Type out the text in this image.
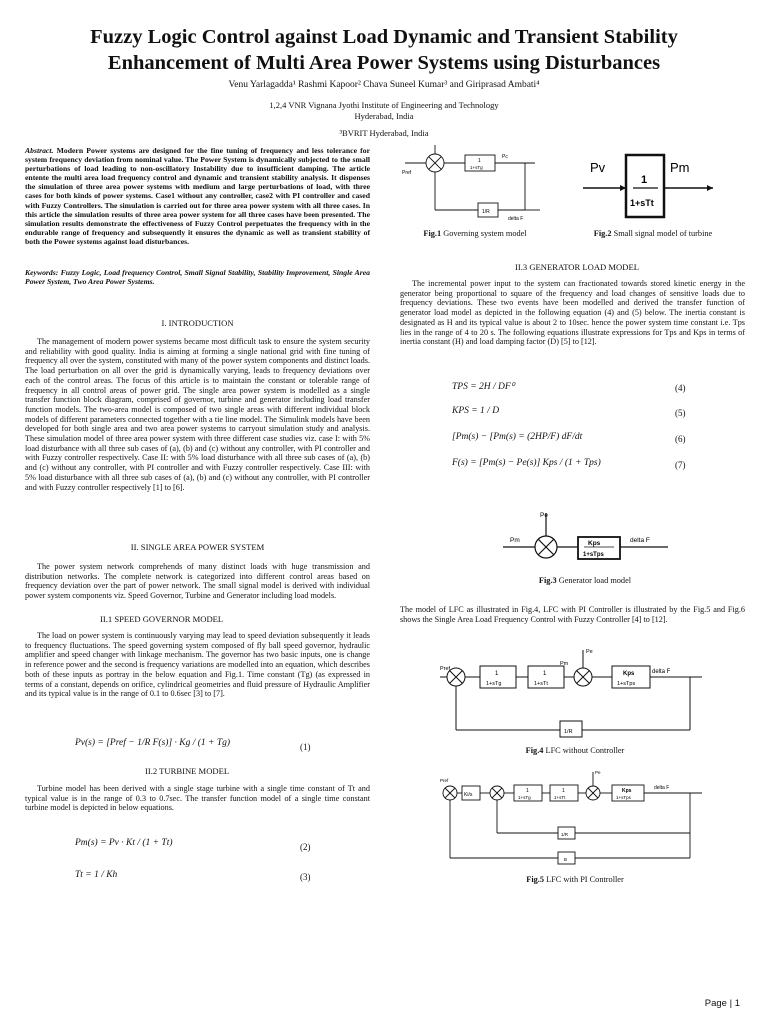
Fuzzy Logic Control against Load Dynamic and Transient Stability
Enhancement of Multi Area Power Systems using Disturbances
Venu Yarlagadda¹ Rashmi Kapoor² Chava Suneel Kumar³ and Giriprasad Ambati⁴
1,2,4 VNR Vignana Jyothi Institute of Engineering and Technology
Hyderabad, India
³BVRIT Hyderabad, India
Abstract. Modern Power systems are designed for the fine tuning of frequency and less tolerance for system frequency deviation from nominal value. The Power System is dynamically subjected to the small perturbations of load leading to non-oscillatory Instability due to insufficient damping. The article entente the multi area load frequency control and dynamic and transient stability analysis. It dispenses the simulation of three area power systems with medium and large perturbations of load, with three cases for both kinds of power systems. Case1 without any controller, case2 with PI controller and cased with Fuzzy Controllers. The simulation is carried out for three area power system with all three cases. In this article the simulation results of three area power system for all three cases have been presented. The simulation results demonstrate the effectiveness of Fuzzy Control perpetuates the frequency with in the endurable range of frequency and subsequently it ensures the dynamic as well as transient stability of both the Power systems against load disturbances.
Keywords: Fuzzy Logic, Load frequency Control, Small Signal Stability, Stability Improvement, Single Area Power System, Two Area Power Systems.
I. INTRODUCTION

The management of modern power systems became most difficult task to ensure the system security and reliability with good quality. India is aiming at forming a single national grid with fine tuning of frequency all over the system, constituted with many of the power system components and distinct loads. The load perturbation on all over the grid is dynamically varying, leads to frequency deviations over each of the control areas. The focus of this article is to maintain the constant or tolerable range of frequency in all control areas of power grid. The single area power system is modelled as a single transfer function block diagram, comprised of governor, turbine and generator including load transfer function models. The two-area model is composed of two single areas with different individual block models of different parameters connected together with a tie line model. The Simulink models have been developed for both single area and two area power systems to carryout simulation study and analysis. These simulation model of three area power system with three different case studies viz. case I: with 5% load disturbance with all three sub cases of (a), (b) and (c) without any controller, with PI controller and with Fuzzy controller respectively. Case II: with 5% load disturbance with all three sub cases of (a), (b) and (c) without any controller, with PI controller and with Fuzzy controller respectively. Case III: with 5% load disturbance with all three sub cases of (a), (b) and (c) without any controller, with PI controller and with Fuzzy controller respectively [1] to [6].

II. SINGLE AREA POWER SYSTEM

The power system network comprehends of many distinct loads with huge transmission and distribution networks. The complete network is categorized into different control areas based on frequency deviation over the part of power network. The small signal model is derived with individual power system components viz. Speed Governor, Turbine and Generator including load models.

II.1 SPEED GOVERNOR MODEL

The load on power system is continuously varying may lead to speed deviation subsequently it leads to frequency fluctuations. The speed governing system composed of fly ball speed governor, hydraulic amplifier and speed changer with linkage mechanism. The governor has two basic inputs, one is change in reference power and the second is frequency variations are modelled into an equation, which describes both of these inputs as portray in the below equation and Fig.1. Time constant (Tg) (as expressed in terms of a constant, depends on orifice, cylindrical geometries and fluid pressure of Hydraulic Amplifier and its typical value is in the range of 0.1 to 0.6sec [3] to [7].

Pv(s) = [Pref − 1/R F(s)] · Kg / (1 + Tg)	(1)
II.2 TURBINE MODEL

Turbine model has been derived with a single stage turbine with a single time constant of Tt and typical value is in the range of 0.3 to 0.7sec. The transfer function model of a single time constant turbine model is depicted in below equations.

Pm(s) = Pv · Kt / (1 + Tt)	(2)
Tt = 1 / Kh	(3)
Pref
Pc
1
1+sTg
1/R
delta F
Fig.1 Governing system model
Pv	Pm
1
1+sTt
Fig.2 Small signal model of turbine
II.3 GENERATOR LOAD MODEL

The incremental power input to the system can fractionated towards stored kinetic energy in the generator being proportional to square of the frequency and load changes of sensitive loads due to frequency deviations. These two events have been modelled and derived the transfer function of generator load model as depicted in the following equation (4) and (5) below. The inertia constant is designated as H and its typical value is about 2 to 10sec. hence the power system time constant i.e. Tps lies in the range of 4 to 20 s. The following equations illustrate expressions for Tps and Kps in terms of inertia constant (H) and load damping factor (D) [5] to [12].

TPS = 2H / DF⁰	(4)
KPS = 1 / D	(5)
[Pm(s) − [Pm(s) = (2HP/F) dF/dt	(6)
F(s) = [Pm(s) − Pe(s)] Kps / (1 + Tps)	(7)
Pe
Pm	Kps
1+sTps
delta F
Fig.3 Generator load model

The model of LFC as illustrated in Fig.4, LFC with PI Controller is illustrated by the Fig.5 and Fig.6 shows the Single Area Load Frequency Control with Fuzzy Controller [4] to [12].

Pref
1
1+sTg
1
1+sTt
Pe
Pm
Kps
1+sTps
delta F
1/R
Fig.4 LFC without Controller
Pref
Ki/s
1
1+sTg
1
1+sTt
Pe
Kps
1+sTps
delta F
1/R
B
Fig.5 LFC with PI Controller
Page | 1
